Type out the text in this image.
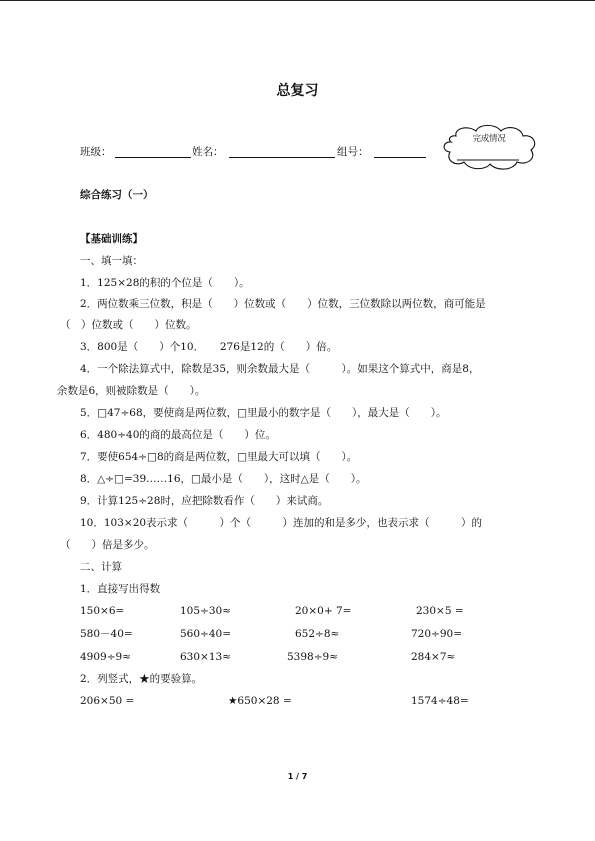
总复习
班级：	姓名：	组号：
完成情况
综合练习（一）
【基础训练】
一、填一填：
1．125×28的积的个位是（　　）。
2．两位数乘三位数，积是（　　）位数或（　　）位数，三位数除以两位数，商可能是
（　）位数或（　　）位数。
3．800是（　　）个10．　　276是12的（　　）倍。
4．一个除法算式中，除数是35，则余数最大是（　　　）。如果这个算式中，商是8，
余数是6，则被除数是（　　）。
5．□47÷68，要使商是两位数，□里最小的数字是（　　），最大是（　　）。
6．480÷40的商的最高位是（　　）位。
7．要使654÷□8的商是两位数，□里最大可以填（　　）。
8．△÷□=39……16，□最小是（　　），这时△是（　　）。
9．计算125÷28时，应把除数看作（　　）来试商。
10．103×20表示求（　　　）个（　　　）连加的和是多少，也表示求（　　　）的
（　　）倍是多少。
二、计算
1．直接写出得数
150×6=	105÷30≈	20×0+ 7=	230×5 =
580－40=	560÷40=	652÷8≈	720÷90=
4909÷9≈	630×13≈	5398÷9≈	284×7≈
2．列竖式，★的要验算。
206×50 =	★650×28 =	1574÷48=
1 / 7
